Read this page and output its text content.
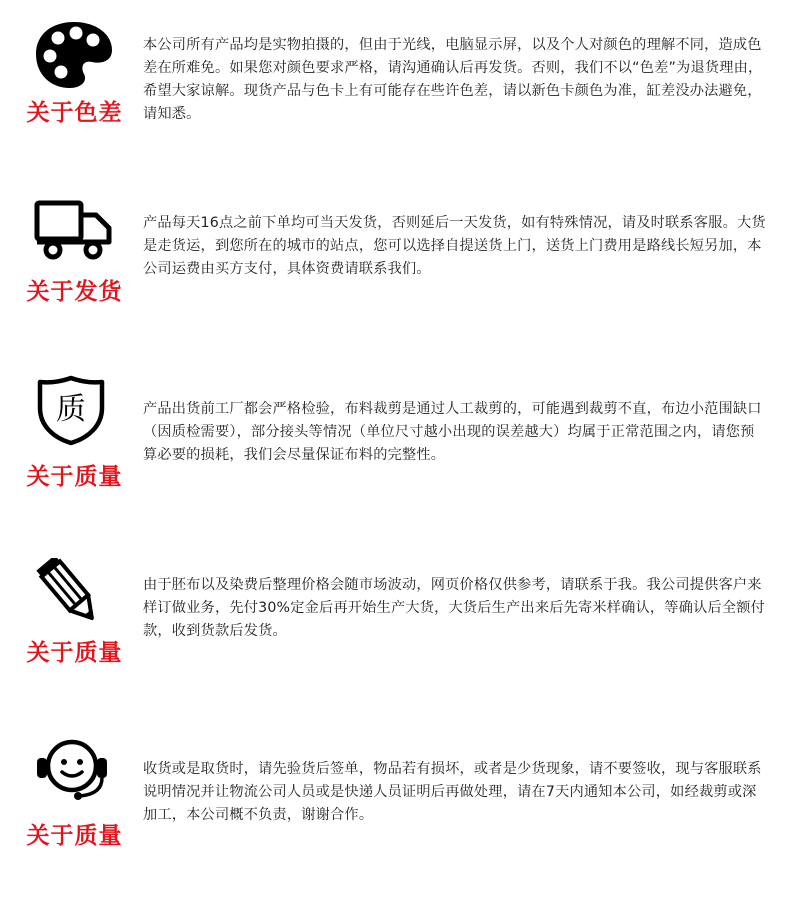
关于色差
本公司所有产品均是实物拍摄的，但由于光线，电脑显示屏，以及个人对颜色的理解不同，造成色差在所难免。如果您对颜色要求严格，请沟通确认后再发货。否则，我们不以“色差”为退货理由，希望大家谅解。现货产品与色卡上有可能存在些许色差，请以新色卡颜色为准，缸差没办法避免，请知悉。
关于发货
产品每天16点之前下单均可当天发货，否则延后一天发货，如有特殊情况，请及时联系客服。大货是走货运，到您所在的城市的站点，您可以选择自提送货上门，送货上门费用是路线长短另加，本公司运费由买方支付，具体资费请联系我们。
质
关于质量
产品出货前工厂都会严格检验，布料裁剪是通过人工裁剪的，可能遇到裁剪不直，布边小范围缺口（因质检需要），部分接头等情况（单位尺寸越小出现的误差越大）均属于正常范围之内，请您预算必要的损耗，我们会尽量保证布料的完整性。
关于质量
由于胚布以及染费后整理价格会随市场波动，网页价格仅供参考，请联系于我。我公司提供客户来样订做业务，先付30%定金后再开始生产大货，大货后生产出来后先寄米样确认，等确认后全额付款，收到货款后发货。
关于质量
收货或是取货时，请先验货后签单，物品若有损坏，或者是少货现象，请不要签收，现与客服联系说明情况并让物流公司人员或是快递人员证明后再做处理，请在7天内通知本公司，如经裁剪或深加工，本公司概不负责，谢谢合作。
